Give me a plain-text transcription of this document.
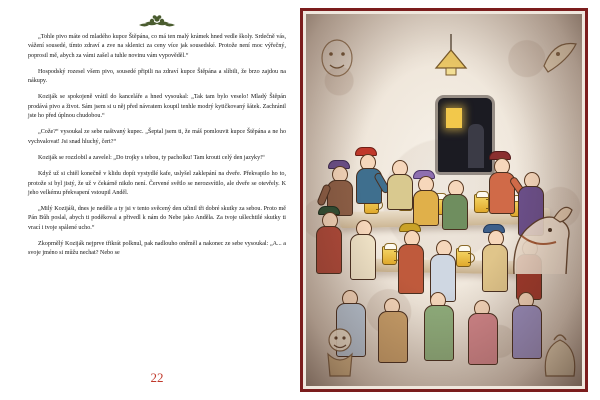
„Tohle pivo máte od mladého kupce Štěpána, co má ten malý krámek hned vedle školy. Srdečně vás, vážení sousedé, tímto zdraví a zve na sklenici za ceny více jak sousedské. Protože není moc výřečný, poprosil mě, abych za vámi zašel a tuhle novinu vám vypověděl.“

Hospodský rozesel všem pivo, sousedé připili na zdraví kupce Štěpána a slíbili, že brzo zajdou na nákupy.

Koziják se spokojeně vrátil do kanceláře a hned vysoukal: „Tak tam bylo veselo! Mladý Štěpán prodává pivo a život. Sám jsem si u něj před návratem koupil tenhle modrý kytičkovaný šátek. Zachránil jste ho před úplnou chudobou.“

„Cože?“ vysoukal ze sebe naštvaný kupec. „Šeptal jsem ti, že máš pomlouvit kupce Štěpána a ne ho vychvalovat! Jsi snad hluchý, čert?“

Koziják se rozzlobil a zavelel: „Do trojky s tebou, ty pacholku! Tam krouti celý den jazyky!“

Když už si chtěl konečně v klidu dopít vystydlé kafe, uslyšel zaklepání na dveře. Překvapilo ho to, protože si byl jistý, že už v čekárně nikdo není. Červené světlo se nerozsvítilo, ale dveře se otevřely. K jeho velkému překvapení vstoupil Anděl.

„Milý Kozijáši, dnes je neděle a ty jsi v tento svěcený den učinil tři dobré skutky za sebou. Proto mě Pán Bůh poslal, abych ti poděkoval a přivedl k nám do Nebe jako Anděla. Za tvoje ušlechtilé skutky ti vrací i tvoje spálené ucho.“

Zkoprnělý Koziják nejprve třikrát polknul, pak nadlouho oněměl a nakonec ze sebe vysoukal: „A... a svoje jméno si můžu nechat? Nebo se

22
